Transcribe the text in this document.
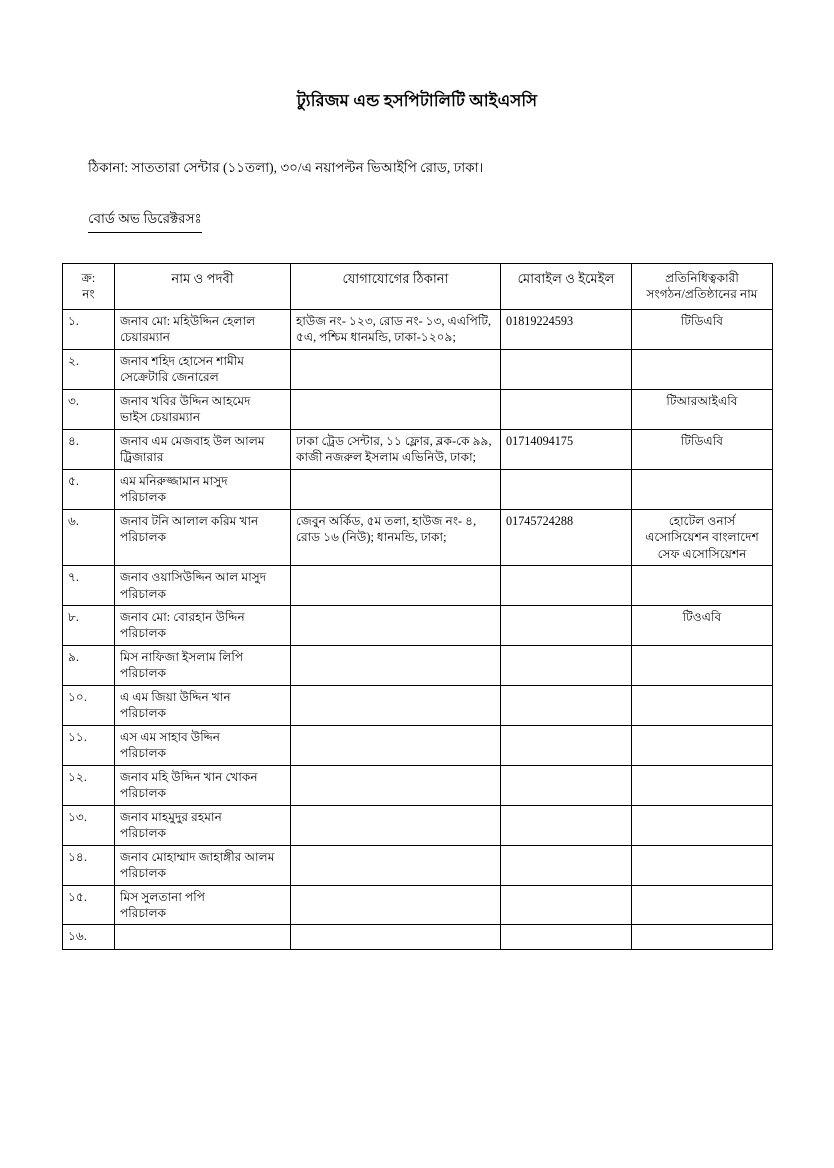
ট্যুরিজম এন্ড হসপিটালিটি আইএসসি
ঠিকানা: সাততারা সেন্টার (১১তলা), ৩০/এ নয়াপল্টন ভিআইপি রোড, ঢাকা।
বোর্ড অভ ডিরেক্টরসঃ
ক্র:
নং	নাম ও পদবী	যোগাযোগের ঠিকানা	মোবাইল ও ইমেইল	প্রতিনিধিত্বকারী
সংগঠন/প্রতিষ্ঠানের নাম

১.	জনাব মো: মহিউদ্দিন হেলাল
চেয়ারম্যান	হাউজ নং- ১২৩, রোড নং- ১৩, এএপিটি, ৫এ, পশ্চিম ধানমন্ডি, ঢাকা-১২০৯;	01819224593	টিডিএবি
২.	জনাব শহিদ হোসেন শামীম
সেক্রেটারি জেনারেল			

৩.	জনাব খবির উদ্দিন আহমেদ
ভাইস চেয়ারম্যান			টিআরআইএবি
৪.	জনাব এম মেজবাহ উল আলম
ট্রিজারার	ঢাকা ট্রেড সেন্টার, ১১ ফ্লোর, ব্লক-কে ৯৯, কাজী নজরুল ইসলাম এভিনিউ, ঢাকা;	01714094175	টিডিএবি
৫.	এম মনিরুজ্জামান মাসুদ
পরিচালক			

৬.	জনাব টনি আলাল করিম খান
পরিচালক	জেবুন অর্কিড, ৫ম তলা, হাউজ নং- ৪, রোড ১৬ (নিউ); ধানমন্ডি, ঢাকা;	01745724288	হোটেল ওনার্স এসোসিয়েশন বাংলাদেশ সেফ এসোসিয়েশন
৭.	জনাব ওয়াসিউদ্দিন আল মাসুদ
পরিচালক			

৮.	জনাব মো: বোরহান উদ্দিন
পরিচালক			টিওএবি
৯.	মিস নাফিজা ইসলাম লিপি
পরিচালক			

১০.	এ এম জিয়া উদ্দিন খান
পরিচালক			

১১.	এস এম সাহাব উদ্দিন
পরিচালক			

১২.	জনাব মহি উদ্দিন খান খোকন
পরিচালক			

১৩.	জনাব মাহমুদুর রহমান
পরিচালক			

১৪.	জনাব মোহাম্মাদ জাহাঙ্গীর আলম
পরিচালক			

১৫.	মিস সুলতানা পপি
পরিচালক			

১৬.	
